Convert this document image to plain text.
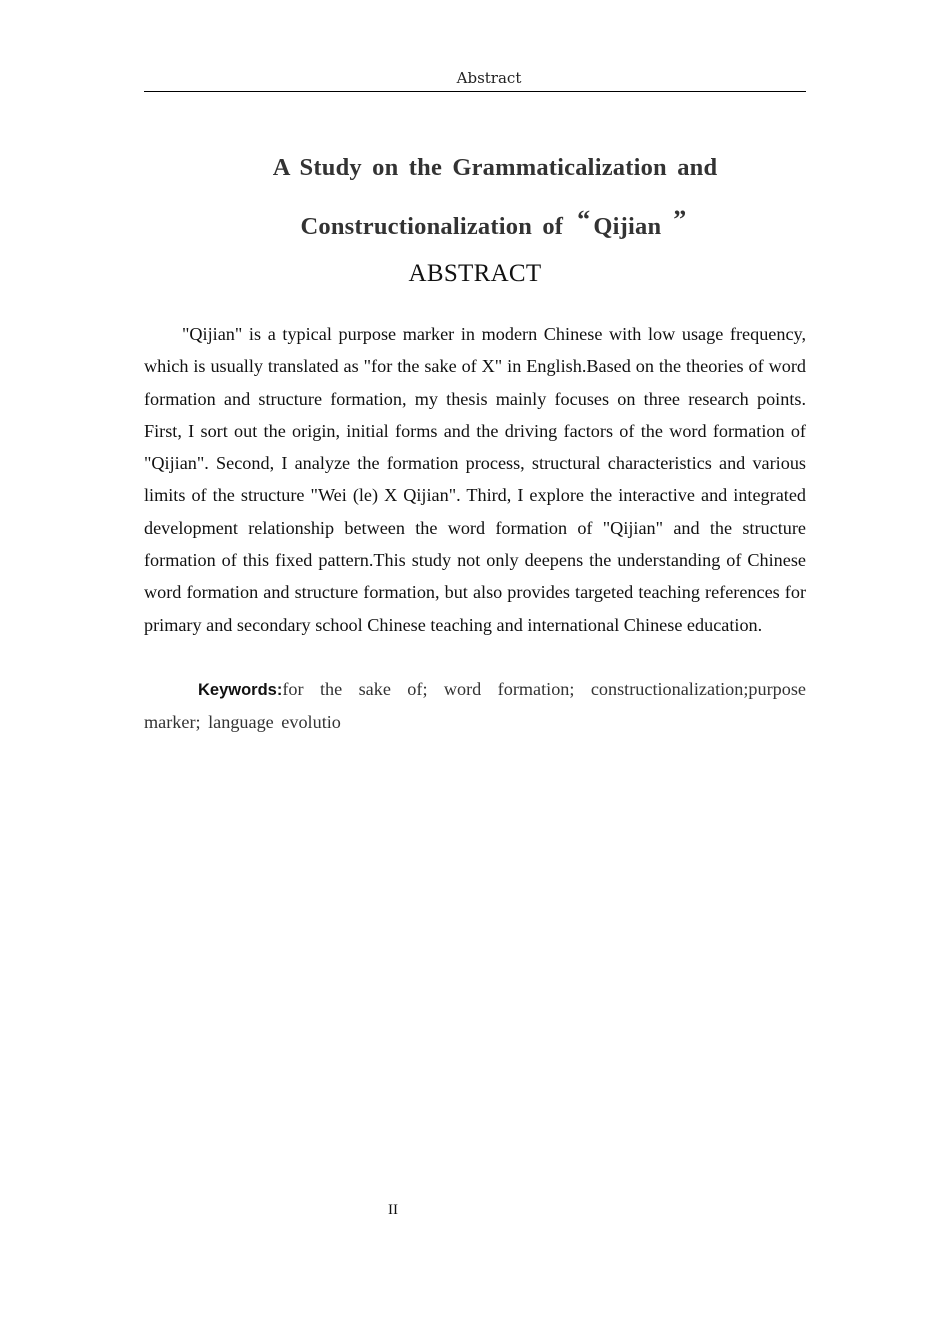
Abstract
A Study on the Grammaticalization and
Constructionalization of “ Qijian ”
ABSTRACT

"Qijian" is a typical purpose marker in modern Chinese with low usage frequency, which is usually translated as "for the sake of X" in English.Based on the theories of word formation and structure formation, my thesis mainly focuses on three research points. First, I sort out the origin, initial forms and the driving factors of the word formation of "Qijian". Second, I analyze the formation process, structural characteristics and various limits of the structure "Wei (le) X Qijian". Third, I explore the interactive and integrated development relationship between the word formation of "Qijian" and the structure formation of this fixed pattern.This study not only deepens the understanding of Chinese word formation and structure formation, but also provides targeted teaching references for primary and secondary school Chinese teaching and international Chinese education.

Keywords:for the sake of; word formation; constructionalization;purpose marker; language evolutio

II
